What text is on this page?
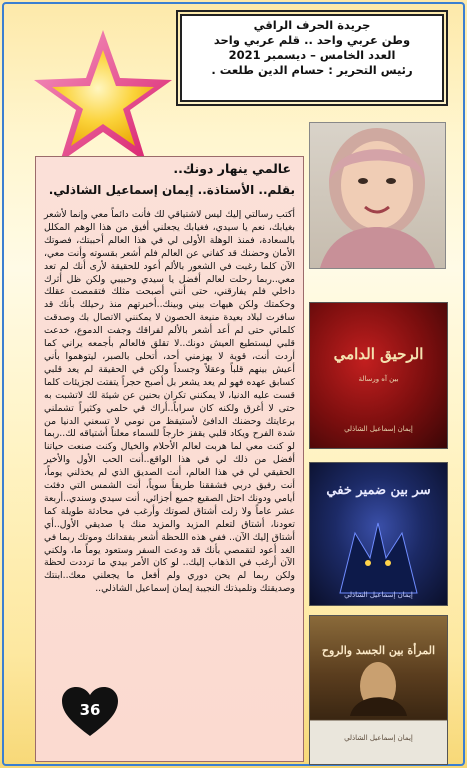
جريدة الحرف الراقي
وطن عربي واحد .. قلم عربي واحد
العدد الخامس – ديسمبر 2021
رئيس التحرير : حسام الدين طلعت .
عالمي ينهار دونك..
بقلم.. الأستاذة.. إيمان إسماعيل الشاذلي.
أكتب رسالتي إليك ليس لاشتياقي لك فأنت دائماً معي وإنما لأشعر بغيابك، نعم يا سيدي، فغيابك يجعلني أفيق من هذا الوهم المكلل بالسعادة، فمنذ الوهلة الأولى لي في هذا العالم أحببتك، فصوتك الأمان وحضنك قد كفاني عن العالم فلم أشعر بقسوته وأنت معي، الآن كلما رغبت في الشعور بالألم أعود للحقيقة لأرى أنك لم تعد معي..ربما رحلت لعالم أفضل يا سيدي وحبيبي ولكن ظل أثرك داخلي فلم يفارقني، حتى أنني أصبحت مثلك فتقمصت عقلك وحكمتك ولكن هيهات بيني وبينك..أخبرتهم منذ رحيلك بأنك قد سافرت لبلاد بعيدة منيعة الحصون لا يمكنني الاتصال بك وصدقت كلماتي حتى لم أعد أشعر بالألم لفراقك وجفت الدموع، خدعت قلبي ليستطيع العيش دونك..لا تقلق فالعالم بأجمعه يراني كما أردت أنت، قوية لا يهزمني أحد، أتحلى بالصبر، ليتوهموا بأني أعيش بينهم قلباً وعقلاً وجسداً ولكن في الحقيقة لم يعد قلبي كسابق عهده فهو لم يعد يشعر بل أصبح حجراً يتفتت لجزيئات كلما قست عليه الدنيا، لا يمكنني تكران بحنين عن شيئة لك لاتشبت به حتى لا أغرق ولكنه كان سراباً..أراك في حلمي وكثيراً تشملني برعايتك وحضنك الدافئ لأستيقظ من نومي لا تسعني الدنيا من شدة الفرح ويكاد قلبي يقفز خارجاً للسماء معلناً أشتياقه لك..ربما لو كنت معي لما هربت لعالم الأحلام والخيال وكنت صنعت حياتنا أفضل من ذلك لي في هذا الواقع..أنت الحب الأول والأخير الحقيقي لي في هذا العالم، أنت الصديق الذي لم يخذلني يوماً، أنت رفيق دربي فشققنا طريقاً سوياً، أنت الشمس التي دفئت أيامي ودونك احتل الصقيع جميع أجزائي، أنت سيدي وسندي..أربعة عشر عاماً ولا زلت أشتاق لصوتك وأرغب في محادثة طويلة كما تعودنا، أشتاق لتعلم المزيد والمزيد منك يا صديقي الأول..أي أشتاق إليك الآن.. ففي هذه اللحظة أشعر بفقدانك وموتك ربما في الغد أعود لتقمصي بأنك قد ودعت السفر وستعود يوماً ما، ولكني الآن أرغب في الذهاب إليك.. لو كان الأمر بيدي ما ترددت لحظة ولكن ربما لم يحن دوري ولم أفعل ما يجعلني معك..ابنتك وصديقتك وتلميذتك النجيبة إيمان إسماعيل الشاذلي..
36
الرحيق الدامي
بين آه ورسالة
إيمان إسماعيل الشاذلي
سر بين ضمير خفي
إيمان إسماعيل الشاذلي
المرأة بين الجسد والروح
إيمان إسماعيل الشاذلي
